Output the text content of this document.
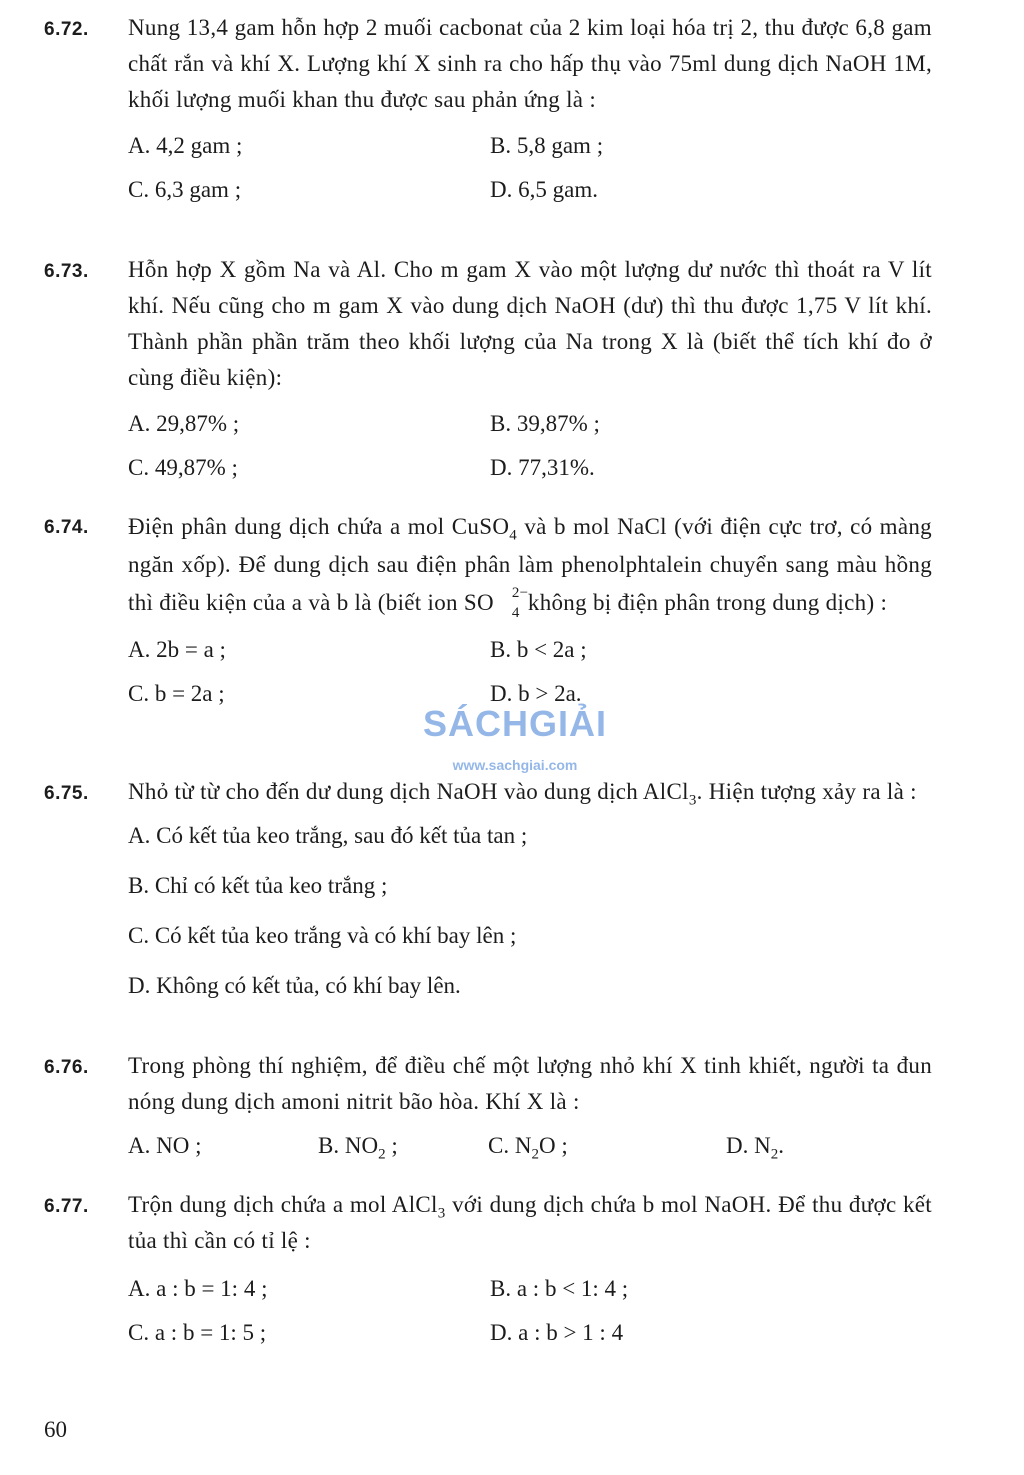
6.72.	Nung 13,4 gam hỗn hợp 2 muối cacbonat của 2 kim loại hóa trị 2, thu được 6,8 gam chất rắn và khí X. Lượng khí X sinh ra cho hấp thụ vào 75ml dung dịch NaOH 1M, khối lượng muối khan thu được sau phản ứng là :
A. 4,2 gam ;	B. 5,8 gam ;
C. 6,3 gam ;	D. 6,5 gam.
6.73.	Hỗn hợp X gồm Na và Al. Cho m gam X vào một lượng dư nước thì thoát ra V lít khí. Nếu cũng cho m gam X vào dung dịch NaOH (dư) thì thu được 1,75 V lít khí. Thành phần phần trăm theo khối lượng của Na trong X là (biết thể tích khí đo ở cùng điều kiện):
A. 29,87% ;	B. 39,87% ;
C. 49,87% ;	D. 77,31%.
6.74.	Điện phân dung dịch chứa a mol CuSO$_4$ và b mol NaCl (với điện cực trơ, có màng ngăn xốp). Để dung dịch sau điện phân làm phenolphtalein chuyển sang màu hồng thì điều kiện của a và b là (biết ion SO 2−
4 không bị điện phân trong dung dịch) :
A. 2b = a ;	B. b < 2a ;
C. b = 2a ;	D. b > 2a.
6.75.	Nhỏ từ từ cho đến dư dung dịch NaOH vào dung dịch AlCl$_3$. Hiện tượng xảy ra là :
A. Có kết tủa keo trắng, sau đó kết tủa tan ;
B. Chỉ có kết tủa keo trắng ;
C. Có kết tủa keo trắng và có khí bay lên ;
D. Không có kết tủa, có khí bay lên.
6.76.	Trong phòng thí nghiệm, để điều chế một lượng nhỏ khí X tinh khiết, người ta đun nóng dung dịch amoni nitrit bão hòa. Khí X là :
A. NO ;	B. $NO_2$ ;	C. $N_2O$ ;	D. $N_2$.
6.77.	Trộn dung dịch chứa a mol AlCl$_3$ với dung dịch chứa b mol NaOH. Để thu được kết tủa thì cần có tỉ lệ :
A. a : b = 1: 4 ;	B. a : b < 1: 4 ;
C. a : b = 1: 5 ;	D. a : b > 1 : 4
SÁCHGIẢI
www.sachgiai.com
60
